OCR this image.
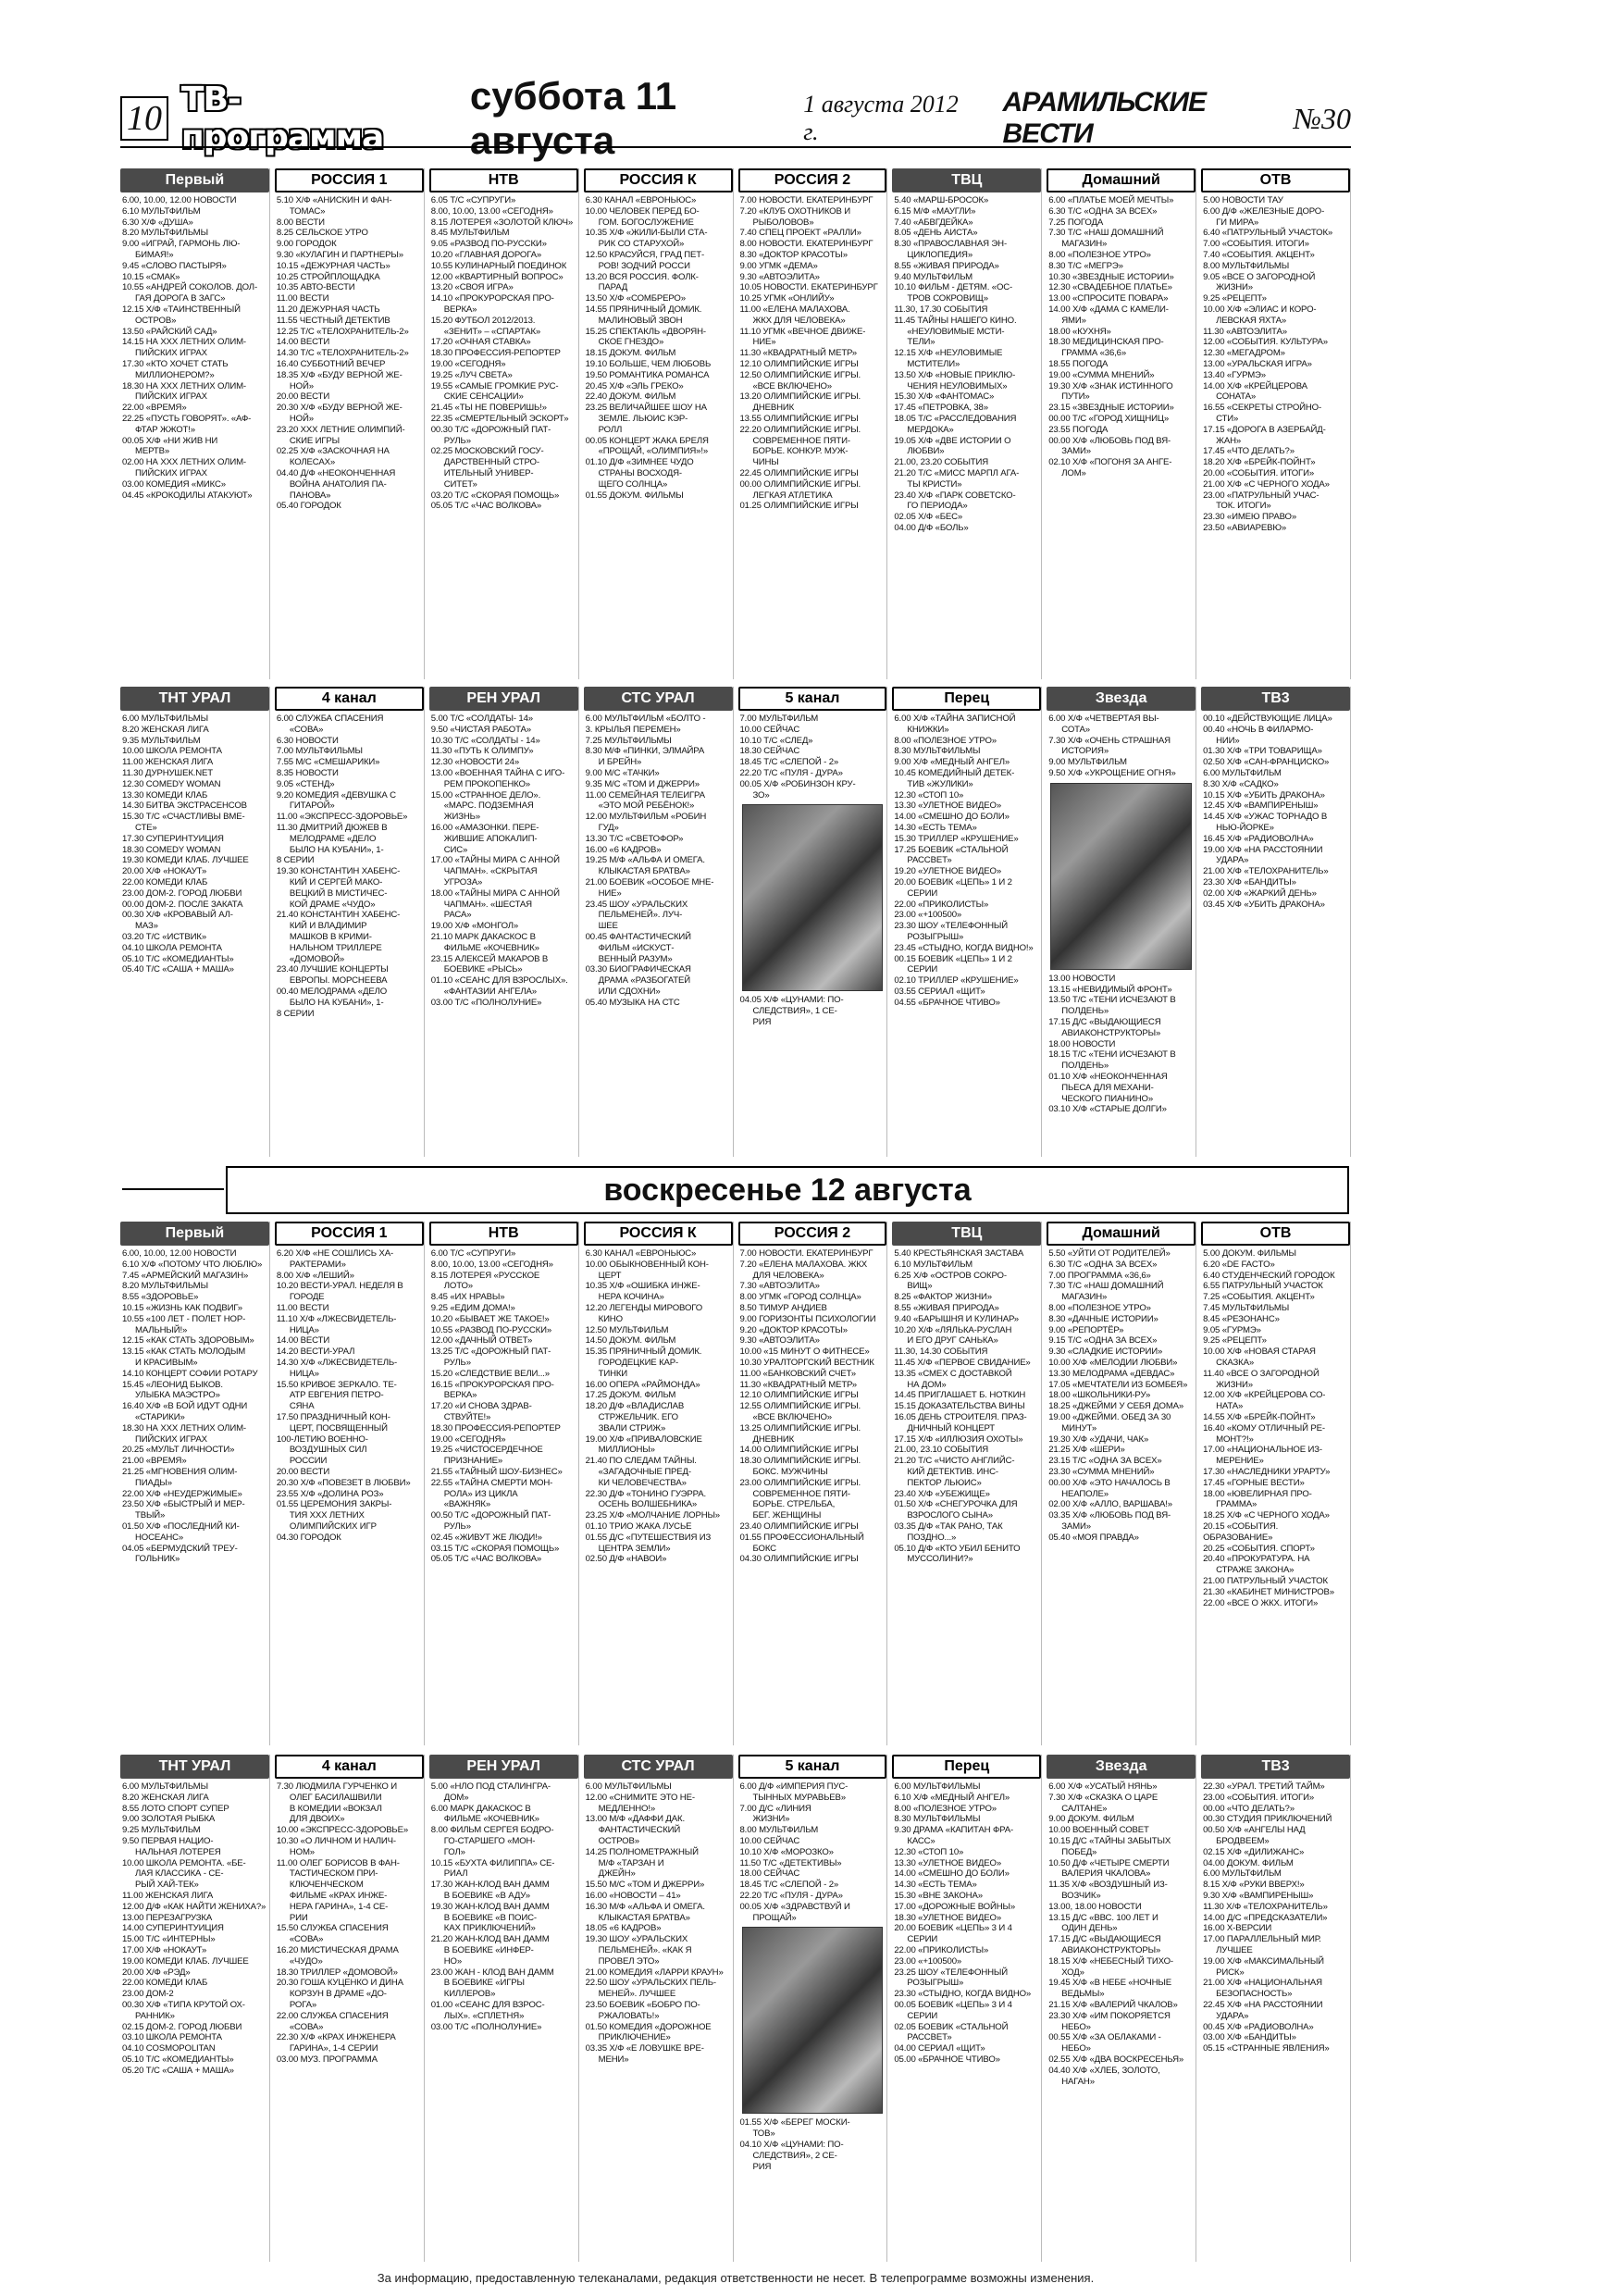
10 ТВ-программа
суббота 11 августа
1 августа 2012 г.
АРАМИЛЬСКИЕ ВЕСТИ	№30
Первый
6.00, 10.00, 12.00 НОВОСТИ
6.10 МУЛЬТФИЛЬМ
6.30 Х/Ф «ДУША»
8.20 МУЛЬТФИЛЬМЫ
9.00 «ИГРАЙ, ГАРМОНЬ ЛЮ-
БИМАЯ!»
9.45 «СЛОВО ПАСТЫРЯ»
10.15 «СМАК»
10.55 «АНДРЕЙ СОКОЛОВ. ДОЛ-
ГАЯ ДОРОГА В ЗАГС»
12.15 Х/Ф «ТАИНСТВЕННЫЙ
ОСТРОВ»
13.50 «РАЙСКИЙ САД»
14.15 НА XXX ЛЕТНИХ ОЛИМ-
ПИЙСКИХ ИГРАХ
17.30 «КТО ХОЧЕТ СТАТЬ
МИЛЛИОНЕРОМ?»
18.30 НА XXX ЛЕТНИХ ОЛИМ-
ПИЙСКИХ ИГРАХ
22.00 «ВРЕМЯ»
22.25 «ПУСТЬ ГОВОРЯТ». «АФ-
ФТАР ЖЖОТ!»
00.05 Х/Ф «НИ ЖИВ НИ
МЕРТВ»
02.00 НА XXX ЛЕТНИХ ОЛИМ-
ПИЙСКИХ ИГРАХ
03.00 КОМЕДИЯ «МИКС»
04.45 «КРОКОДИЛЫ АТАКУЮТ»
РОССИЯ 1
5.10 Х/Ф «АНИСКИН И ФАН-
ТОМАС»
8.00 ВЕСТИ
8.25 СЕЛЬСКОЕ УТРО
9.00 ГОРОДОК
9.30 «КУЛАГИН И ПАРТНЕРЫ»
10.15 «ДЕЖУРНАЯ ЧАСТЬ»
10.25 СТРОЙПЛОЩАДКА
10.35 АВТО-ВЕСТИ
11.00 ВЕСТИ
11.20 ДЕЖУРНАЯ ЧАСТЬ
11.55 ЧЕСТНЫЙ ДЕТЕКТИВ
12.25 Т/С «ТЕЛОХРАНИТЕЛЬ-2»
14.00 ВЕСТИ
14.30 Т/С «ТЕЛОХРАНИТЕЛЬ-2»
16.40 СУББОТНИЙ ВЕЧЕР
18.35 Х/Ф «БУДУ ВЕРНОЙ ЖЕ-
НОЙ»
20.00 ВЕСТИ
20.30 Х/Ф «БУДУ ВЕРНОЙ ЖЕ-
НОЙ»
23.20 XXX ЛЕТНИЕ ОЛИМПИЙ-
СКИЕ ИГРЫ
02.25 Х/Ф «ЗАСКОЧНАЯ НА
КОЛЕСАХ»
04.40 Д/Ф «НЕОКОНЧЕННАЯ
ВОЙНА АНАТОЛИЯ ПА-
ПАНОВА»
05.40 ГОРОДОК
НТВ
6.05 Т/С «СУПРУГИ»
8.00, 10.00, 13.00 «СЕГОДНЯ»
8.15 ЛОТЕРЕЯ «ЗОЛОТОЙ КЛЮЧ»
8.45 МУЛЬТФИЛЬМ
9.05 «РАЗВОД ПО-РУССКИ»
10.20 «ГЛАВНАЯ ДОРОГА»
10.55 КУЛИНАРНЫЙ ПОЕДИНОК
12.00 «КВАРТИРНЫЙ ВОПРОС»
13.20 «СВОЯ ИГРА»
14.10 «ПРОКУРОРСКАЯ ПРО-
ВЕРКА»
15.20 ФУТБОЛ 2012/2013.
«ЗЕНИТ» – «СПАРТАК»
17.20 «ОЧНАЯ СТАВКА»
18.30 ПРОФЕССИЯ-РЕПОРТЕР
19.00 «СЕГОДНЯ»
19.25 «ЛУЧ СВЕТА»
19.55 «САМЫЕ ГРОМКИЕ РУС-
СКИЕ СЕНСАЦИИ»
21.45 «ТЫ НЕ ПОВЕРИШЬ!»
22.35 «СМЕРТЕЛЬНЫЙ ЭСКОРТ»
00.30 Т/С «ДОРОЖНЫЙ ПАТ-
РУЛЬ»
02.25 МОСКОВСКИЙ ГОСУ-
ДАРСТВЕННЫЙ СТРО-
ИТЕЛЬНЫЙ УНИВЕР-
СИТЕТ»
03.20 Т/С «СКОРАЯ ПОМОЩЬ»
05.05 Т/С «ЧАС ВОЛКОВА»
РОССИЯ К
6.30 КАНАЛ «ЕВРОНЬЮС»
10.00 ЧЕЛОВЕК ПЕРЕД БО-
ГОМ. БОГОСЛУЖЕНИЕ
10.35 Х/Ф «ЖИЛИ-БЫЛИ СТА-
РИК СО СТАРУХОЙ»
12.50 КРАСУЙСЯ, ГРАД ПЕТ-
РОВ! ЗОДЧИЙ РОССИ
13.20 ВСЯ РОССИЯ. ФОЛК-
ПАРАД
13.50 Х/Ф «СОМБРЕРО»
14.55 ПРЯНИЧНЫЙ ДОМИК.
МАЛИНОВЫЙ ЗВОН
15.25 СПЕКТАКЛЬ «ДВОРЯН-
СКОЕ ГНЕЗДО»
18.15 ДОКУМ. ФИЛЬМ
19.10 БОЛЬШЕ, ЧЕМ ЛЮБОВЬ
19.50 РОМАНТИКА РОМАНСА
20.45 Х/Ф «ЭЛЬ ГРЕКО»
22.40 ДОКУМ. ФИЛЬМ
23.25 ВЕЛИЧАЙШЕЕ ШОУ НА
ЗЕМЛЕ. ЛЬЮИС КЭР-
РОЛЛ
00.05 КОНЦЕРТ ЖАКА БРЕЛЯ
«ПРОЩАЙ, «ОЛИМПИЯ»!»
01.10 Д/Ф «ЗИМНЕЕ ЧУДО
СТРАНЫ ВОСХОДЯ-
ЩЕГО СОЛНЦА»
01.55 ДОКУМ. ФИЛЬМЫ
РОССИЯ 2
7.00 НОВОСТИ. ЕКАТЕРИНБУРГ
7.20 «КЛУБ ОХОТНИКОВ И
РЫБОЛОВОВ»
7.40 СПЕЦ ПРОЕКТ «РАЛЛИ»
8.00 НОВОСТИ. ЕКАТЕРИНБУРГ
8.30 «ДОКТОР КРАСОТЫ»
9.00 УГМК «ДЕМА»
9.30 «АВТОЭЛИТА»
10.05 НОВОСТИ. ЕКАТЕРИНБУРГ
10.25 УГМК «ОНЛИЙУ»
11.00 «ЕЛЕНА МАЛАХОВА.
ЖКХ ДЛЯ ЧЕЛОВЕКА»
11.10 УГМК «ВЕЧНОЕ ДВИЖЕ-
НИЕ»
11.30 «КВАДРАТНЫЙ МЕТР»
12.10 ОЛИМПИЙСКИЕ ИГРЫ
12.50 ОЛИМПИЙСКИЕ ИГРЫ.
«ВСЕ ВКЛЮЧЕНО»
13.20 ОЛИМПИЙСКИЕ ИГРЫ.
ДНЕВНИК
13.55 ОЛИМПИЙСКИЕ ИГРЫ
22.20 ОЛИМПИЙСКИЕ ИГРЫ.
СОВРЕМЕННОЕ ПЯТИ-
БОРЬЕ. КОНКУР. МУЖ-
ЧИНЫ
22.45 ОЛИМПИЙСКИЕ ИГРЫ
00.00 ОЛИМПИЙСКИЕ ИГРЫ.
ЛЕГКАЯ АТЛЕТИКА
01.25 ОЛИМПИЙСКИЕ ИГРЫ
ТВЦ
5.40 «МАРШ-БРОСОК»
6.15 М/Ф «МАУГЛИ»
7.40 «АБВГДЕЙКА»
8.05 «ДЕНЬ АИСТА»
8.30 «ПРАВОСЛАВНАЯ ЭН-
ЦИКЛОПЕДИЯ»
8.55 «ЖИВАЯ ПРИРОДА»
9.40 МУЛЬТФИЛЬМ
10.10 ФИЛЬМ - ДЕТЯМ. «ОС-
ТРОВ СОКРОВИЩ»
11.30, 17.30 СОБЫТИЯ
11.45 ТАЙНЫ НАШЕГО КИНО.
«НЕУЛОВИМЫЕ МСТИ-
ТЕЛИ»
12.15 Х/Ф «НЕУЛОВИМЫЕ
МСТИТЕЛИ»
13.50 Х/Ф «НОВЫЕ ПРИКЛЮ-
ЧЕНИЯ НЕУЛОВИМЫХ»
15.30 Х/Ф «ФАНТОМАС»
17.45 «ПЕТРОВКА, 38»
18.05 Т/С «РАССЛЕДОВАНИЯ
МЕРДОКА»
19.05 Х/Ф «ДВЕ ИСТОРИИ О
ЛЮБВИ»
21.00, 23.20 СОБЫТИЯ
21.20 Т/С «МИСС МАРПЛ АГА-
ТЫ КРИСТИ»
23.40 Х/Ф «ПАРК СОВЕТСКО-
ГО ПЕРИОДА»
02.05 Х/Ф «БЕС»
04.00 Д/Ф «БОЛЬ»
Домашний
6.00 «ПЛАТЬЕ МОЕЙ МЕЧТЫ»
6.30 Т/С «ОДНА ЗА ВСЕХ»
7.25 ПОГОДА
7.30 Т/С «НАШ ДОМАШНИЙ
МАГАЗИН»
8.00 «ПОЛЕЗНОЕ УТРО»
8.30 Т/С «МЕГРЭ»
10.30 «ЗВЕЗДНЫЕ ИСТОРИИ»
12.30 «СВАДЕБНОЕ ПЛАТЬЕ»
13.00 «СПРОСИТЕ ПОВАРА»
14.00 Х/Ф «ДАМА С КАМЕЛИ-
ЯМИ»
18.00 «КУХНЯ»
18.30 МЕДИЦИНСКАЯ ПРО-
ГРАММА «36,6»
18.55 ПОГОДА
19.00 «СУММА МНЕНИЙ»
19.30 Х/Ф «ЗНАК ИСТИННОГО
ПУТИ»
23.15 «ЗВЕЗДНЫЕ ИСТОРИИ»
00.00 Т/С «ГОРОД ХИЩНИЦ»
23.55 ПОГОДА
00.00 Х/Ф «ЛЮБОВЬ ПОД ВЯ-
ЗАМИ»
02.10 Х/Ф «ПОГОНЯ ЗА АНГЕ-
ЛОМ»
ОТВ
5.00 НОВОСТИ ТАУ
6.00 Д/Ф «ЖЕЛЕЗНЫЕ ДОРО-
ГИ МИРА»
6.40 «ПАТРУЛЬНЫЙ УЧАСТОК»
7.00 «СОБЫТИЯ. ИТОГИ»
7.40 «СОБЫТИЯ. АКЦЕНТ»
8.00 МУЛЬТФИЛЬМЫ
9.05 «ВСЕ О ЗАГОРОДНОЙ
ЖИЗНИ»
9.25 «РЕЦЕПТ»
10.00 Х/Ф «ЭЛИАС И КОРО-
ЛЕВСКАЯ ЯХТА»
11.30 «АВТОЭЛИТА»
12.00 «СОБЫТИЯ. КУЛЬТУРА»
12.30 «МЕГАДРОМ»
13.00 «УРАЛЬСКАЯ ИГРА»
13.40 «ГУРМЭ»
14.00 Х/Ф «КРЕЙЦЕРОВА
СОНАТА»
16.55 «СЕКРЕТЫ СТРОЙНО-
СТИ»
17.15 «ДОРОГА В АЗЕРБАЙД-
ЖАН»
17.45 «ЧТО ДЕЛАТЬ?»
18.20 Х/Ф «БРЕЙК-ПОЙНТ»
20.00 «СОБЫТИЯ. ИТОГИ»
21.00 Х/Ф «С ЧЕРНОГО ХОДА»
23.00 «ПАТРУЛЬНЫЙ УЧАС-
ТОК. ИТОГИ»
23.30 «ИМЕЮ ПРАВО»
23.50 «АВИАРЕВЮ»
ТНТ УРАЛ
6.00 МУЛЬТФИЛЬМЫ
8.20 ЖЕНСКАЯ ЛИГА
9.35 МУЛЬТФИЛЬМ
10.00 ШКОЛА РЕМОНТА
11.00 ЖЕНСКАЯ ЛИГА
11.30 ДУРНУШЕК.NET
12.30 COMEDY WOMAN
13.30 КОМЕДИ КЛАБ
14.30 БИТВА ЭКСТРАСЕНСОВ
15.30 Т/С «СЧАСТЛИВЫ ВМЕ-
СТЕ»
17.30 СУПЕРИНТУИЦИЯ
18.30 COMEDY WOMAN
19.30 КОМЕДИ КЛАБ. ЛУЧШЕЕ
20.00 Х/Ф «НОКАУТ»
22.00 КОМЕДИ КЛАБ
23.00 ДОМ-2. ГОРОД ЛЮБВИ
00.00 ДОМ-2. ПОСЛЕ ЗАКАТА
00.30 Х/Ф «КРОВАВЫЙ АЛ-
МАЗ»
03.20 Т/С «ИСТВИК»
04.10 ШКОЛА РЕМОНТА
05.10 Т/С «КОМЕДИАНТЫ»
05.40 Т/С «САША + МАША»
4 канал
6.00 СЛУЖБА СПАСЕНИЯ
«СОВА»
6.30 НОВОСТИ
7.00 МУЛЬТФИЛЬМЫ
7.55 М/С «СМЕШАРИКИ»
8.35 НОВОСТИ
9.05 «СТЕНД»
9.20 КОМЕДИЯ «ДЕВУШКА С
ГИТАРОЙ»
11.00 «ЭКСПРЕСС-ЗДОРОВЬЕ»
11.30 ДМИТРИЙ ДЮЖЕВ В
МЕЛОДРАМЕ «ДЕЛО
БЫЛО НА КУБАНИ», 1-
8 СЕРИИ
19.30 КОНСТАНТИН ХАБЕНС-
КИЙ И СЕРГЕЙ МАКО-
ВЕЦКИЙ В МИСТИЧЕС-
КОЙ ДРАМЕ «ЧУДО»
21.40 КОНСТАНТИН ХАБЕНС-
КИЙ И ВЛАДИМИР
МАШКОВ В КРИМИ-
НАЛЬНОМ ТРИЛЛЕРЕ
«ДОМОВОЙ»
23.40 ЛУЧШИЕ КОНЦЕРТЫ
ЕВРОПЫ. МОРСНЕЕВА
00.40 МЕЛОДРАМА «ДЕЛО
БЫЛО НА КУБАНИ», 1-
8 СЕРИИ
РЕН УРАЛ
5.00 Т/С «СОЛДАТЫ- 14»
9.50 «ЧИСТАЯ РАБОТА»
10.30 Т/С «СОЛДАТЫ - 14»
11.30 «ПУТЬ К ОЛИМПУ»
12.30 «НОВОСТИ 24»
13.00 «ВОЕННАЯ ТАЙНА С ИГО-
РЕМ ПРОКОПЕНКО»
15.00 «СТРАННОЕ ДЕЛО».
«МАРС. ПОДЗЕМНАЯ
ЖИЗНЬ»
16.00 «АМАЗОНКИ. ПЕРЕ-
ЖИВШИЕ АПОКАЛИП-
СИС»
17.00 «ТАЙНЫ МИРА С АННОЙ
ЧАПМАН». «СКРЫТАЯ
УГРОЗА»
18.00 «ТАЙНЫ МИРА С АННОЙ
ЧАПМАН». «ШЕСТАЯ
РАСА»
19.00 Х/Ф «МОНГОЛ»
21.10 МАРК ДАКАСКОС В
ФИЛЬМЕ «КОЧЕВНИК»
23.15 АЛЕКСЕЙ МАКАРОВ В
БОЕВИКЕ «РЫСЬ»
01.10 «СЕАНС ДЛЯ ВЗРОСЛЫХ».
«ФАНТАЗИИ АНГЕЛА»
03.00 Т/С «ПОЛНОЛУНИЕ»
СТС УРАЛ
6.00 МУЛЬТФИЛЬМ «БОЛТО -
3. КРЫЛЬЯ ПЕРЕМЕН»
7.25 МУЛЬТФИЛЬМЫ
8.30 М/Ф «ПИНКИ, ЭЛМАЙРА
И БРЕЙН»
9.00 М/С «ТАЧКИ»
9.35 М/С «ТОМ И ДЖЕРРИ»
11.00 СЕМЕЙНАЯ ТЕЛЕИГРА
«ЭТО МОЙ РЕБЁНОК!»
12.00 МУЛЬТФИЛЬМ «РОБИН
ГУД»
13.30 Т/С «СВЕТОФОР»
16.00 «6 КАДРОВ»
19.25 М/Ф «АЛЬФА И ОМЕГА.
КЛЫКАСТАЯ БРАТВА»
21.00 БОЕВИК «ОСОБОЕ МНЕ-
НИЕ»
23.45 ШОУ «УРАЛЬСКИХ
ПЕЛЬМЕНЕЙ». ЛУЧ-
ШЕЕ
00.45 ФАНТАСТИЧЕСКИЙ
ФИЛЬМ «ИСКУСТ-
ВЕННЫЙ РАЗУМ»
03.30 БИОГРАФИЧЕСКАЯ
ДРАМА «РАЗБОГАТЕЙ
ИЛИ СДОХНИ»
05.40 МУЗЫКА НА СТС
5 канал
7.00 МУЛЬТФИЛЬМ
10.00 СЕЙЧАС
10.10 Т/С «СЛЕД»
18.30 СЕЙЧАС
18.45 Т/С «СЛЕПОЙ - 2»
22.20 Т/С «ПУЛЯ - ДУРА»
00.05 Х/Ф «РОБИНЗОН КРУ-
ЗО»
04.05 Х/Ф «ЦУНАМИ: ПО-
СЛЕДСТВИЯ», 1 СЕ-
РИЯ
Перец
6.00 Х/Ф «ТАЙНА ЗАПИСНОЙ
КНИЖКИ»
8.00 «ПОЛЕЗНОЕ УТРО»
8.30 МУЛЬТФИЛЬМЫ
9.00 Х/Ф «МЕДНЫЙ АНГЕЛ»
10.45 КОМЕДИЙНЫЙ ДЕТЕК-
ТИВ «ЖУЛИКИ»
12.30 «СТОП 10»
13.30 «УЛЕТНОЕ ВИДЕО»
14.00 «СМЕШНО ДО БОЛИ»
14.30 «ЕСТЬ ТЕМА»
15.30 ТРИЛЛЕР «КРУШЕНИЕ»
17.25 БОЕВИК «СТАЛЬНОЙ
РАССВЕТ»
19.20 «УЛЕТНОЕ ВИДЕО»
20.00 БОЕВИК «ЦЕПЬ» 1 И 2
СЕРИИ
22.00 «ПРИКОЛИСТЫ»
23.00 «+100500»
23.30 ШОУ «ТЕЛЕФОННЫЙ
РОЗЫГРЫШ»
23.45 «СТЫДНО, КОГДА ВИДНО!»
00.15 БОЕВИК «ЦЕПЬ» 1 И 2
СЕРИИ
02.10 ТРИЛЛЕР «КРУШЕНИЕ»
03.55 СЕРИАЛ «ЩИТ»
04.55 «БРАЧНОЕ ЧТИВО»
Звезда
6.00 Х/Ф «ЧЕТВЕРТАЯ ВЫ-
СОТА»
7.30 Х/Ф «ОЧЕНЬ СТРАШНАЯ
ИСТОРИЯ»
9.00 МУЛЬТФИЛЬМ
9.50 Х/Ф «УКРОЩЕНИЕ ОГНЯ»
13.00 НОВОСТИ
13.15 «НЕВИДИМЫЙ ФРОНТ»
13.50 Т/С «ТЕНИ ИСЧЕЗАЮТ В
ПОЛДЕНЬ»
17.15 Д/С «ВЫДАЮЩИЕСЯ
АВИАКОНСТРУКТОРЫ»
18.00 НОВОСТИ
18.15 Т/С «ТЕНИ ИСЧЕЗАЮТ В
ПОЛДЕНЬ»
01.10 Х/Ф «НЕОКОНЧЕННАЯ
ПЬЕСА ДЛЯ МЕХАНИ-
ЧЕСКОГО ПИАНИНО»
03.10 Х/Ф «СТАРЫЕ ДОЛГИ»
ТВ3
00.10 «ДЕЙСТВУЮЩИЕ ЛИЦА»
00.40 «НОЧЬ В ФИЛАРМО-
НИИ»
01.30 Х/Ф «ТРИ ТОВАРИЩА»
02.50 Х/Ф «САН-ФРАНЦИСКО»
6.00 МУЛЬТФИЛЬМ
8.30 Х/Ф «САДКО»
10.15 Х/Ф «УБИТЬ ДРАКОНА»
12.45 Х/Ф «ВАМПИРЕНЫШ»
14.45 Х/Ф «УЖАС ТОРНАДО В
НЬЮ-ЙОРКЕ»
16.45 Х/Ф «РАДИОВОЛНА»
19.00 Х/Ф «НА РАССТОЯНИИ
УДАРА»
21.00 Х/Ф «ТЕЛОХРАНИТЕЛЬ»
23.30 Х/Ф «БАНДИТЫ»
02.00 Х/Ф «ЖАРКИЙ ДЕНЬ»
03.45 Х/Ф «УБИТЬ ДРАКОНА»
воскресенье 12 августа
Первый
6.00, 10.00, 12.00 НОВОСТИ
6.10 Х/Ф «ПОТОМУ ЧТО ЛЮБЛЮ»
7.45 «АРМЕЙСКИЙ МАГАЗИН»
8.20 МУЛЬТФИЛЬМЫ
8.55 «ЗДОРОВЬЕ»
10.15 «ЖИЗНЬ КАК ПОДВИГ»
10.55 «100 ЛЕТ - ПОЛЕТ НОР-
МАЛЬНЫЙ!»
12.15 «КАК СТАТЬ ЗДОРОВЫМ»
13.15 «КАК СТАТЬ МОЛОДЫМ
И КРАСИВЫМ»
14.10 КОНЦЕРТ СОФИИ РОТАРУ
15.45 «ЛЕОНИД БЫКОВ.
УЛЫБКА МАЭСТРО»
16.40 Х/Ф «В БОЙ ИДУТ ОДНИ
«СТАРИКИ»
18.30 НА XXX ЛЕТНИХ ОЛИМ-
ПИЙСКИХ ИГРАХ
20.25 «МУЛЬТ ЛИЧНОСТИ»
21.00 «ВРЕМЯ»
21.25 «МГНОВЕНИЯ ОЛИМ-
ПИАДЫ»
22.00 Х/Ф «НЕУДЕРЖИМЫЕ»
23.50 Х/Ф «БЫСТРЫЙ И МЕР-
ТВЫЙ»
01.50 Х/Ф «ПОСЛЕДНИЙ КИ-
НОСЕАНС»
04.05 «БЕРМУДСКИЙ ТРЕУ-
ГОЛЬНИК»
РОССИЯ 1
6.20 Х/Ф «НЕ СОШЛИСЬ ХА-
РАКТЕРАМИ»
8.00 Х/Ф «ЛЕШИЙ»
10.20 ВЕСТИ-УРАЛ. НЕДЕЛЯ В
ГОРОДЕ
11.00 ВЕСТИ
11.10 Х/Ф «ЛЖЕСВИДЕТЕЛЬ-
НИЦА»
14.00 ВЕСТИ
14.20 ВЕСТИ-УРАЛ
14.30 Х/Ф «ЛЖЕСВИДЕТЕЛЬ-
НИЦА»
15.50 КРИВОЕ ЗЕРКАЛО. ТЕ-
АТР ЕВГЕНИЯ ПЕТРО-
СЯНА
17.50 ПРАЗДНИЧНЫЙ КОН-
ЦЕРТ, ПОСВЯЩЕННЫЙ
100-ЛЕТИЮ ВОЕННО-
ВОЗДУШНЫХ СИЛ
РОССИИ
20.00 ВЕСТИ
20.30 Х/Ф «ПОВЕЗЕТ В ЛЮБВИ»
23.55 Х/Ф «ДОЛИНА РОЗ»
01.55 ЦЕРЕМОНИЯ ЗАКРЫ-
ТИЯ XXX ЛЕТНИХ
ОЛИМПИЙСКИХ ИГР
04.30 ГОРОДОК
НТВ
6.00 Т/С «СУПРУГИ»
8.00, 10.00, 13.00 «СЕГОДНЯ»
8.15 ЛОТЕРЕЯ «РУССКОЕ
ЛОТО»
8.45 «ИХ НРАВЫ»
9.25 «ЕДИМ ДОМА!»
10.20 «БЫВАЕТ ЖЕ ТАКОЕ!»
10.55 «РАЗВОД ПО-РУССКИ»
12.00 «ДАЧНЫЙ ОТВЕТ»
13.25 Т/С «ДОРОЖНЫЙ ПАТ-
РУЛЬ»
15.20 «СЛЕДСТВИЕ ВЕЛИ...»
16.15 «ПРОКУРОРСКАЯ ПРО-
ВЕРКА»
17.20 «И СНОВА ЗДРАВ-
СТВУЙТЕ!»
18.30 ПРОФЕССИЯ-РЕПОРТЕР
19.00 «СЕГОДНЯ»
19.25 «ЧИСТОСЕРДЕЧНОЕ
ПРИЗНАНИЕ»
21.55 «ТАЙНЫЙ ШОУ-БИЗНЕС»
22.55 «ТАЙНА СМЕРТИ МОН-
РОЛА» ИЗ ЦИКЛА
«ВАЖНЯК»
00.50 Т/С «ДОРОЖНЫЙ ПАТ-
РУЛЬ»
02.45 «ЖИВУТ ЖЕ ЛЮДИ!»
03.15 Т/С «СКОРАЯ ПОМОЩЬ»
05.05 Т/С «ЧАС ВОЛКОВА»
РОССИЯ К
6.30 КАНАЛ «ЕВРОНЬЮС»
10.00 ОБЫКНОВЕННЫЙ КОН-
ЦЕРТ
10.35 Х/Ф «ОШИБКА ИНЖЕ-
НЕРА КОЧИНА»
12.20 ЛЕГЕНДЫ МИРОВОГО
КИНО
12.50 МУЛЬТФИЛЬМ
14.50 ДОКУМ. ФИЛЬМ
15.35 ПРЯНИЧНЫЙ ДОМИК.
ГОРОДЕЦКИЕ КАР-
ТИНКИ
16.00 ОПЕРА «РАЙМОНДА»
17.25 ДОКУМ. ФИЛЬМ
18.20 Д/Ф «ВЛАДИСЛАВ
СТРЖЕЛЬЧИК. ЕГО
ЗВАЛИ СТРИЖ»
19.00 Х/Ф «ПРИВАЛОВСКИЕ
МИЛЛИОНЫ»
21.40 ПО СЛЕДАМ ТАЙНЫ.
«ЗАГАДОЧНЫЕ ПРЕД-
КИ ЧЕЛОВЕЧЕСТВА»
22.30 Д/Ф «ТОНИНО ГУЭРРА.
ОСЕНЬ ВОЛШЕБНИКА»
23.25 Х/Ф «МОЛЧАНИЕ ЛОРНЫ»
01.10 ТРИО ЖАКА ЛУСЬЕ
01.55 Д/С «ПУТЕШЕСТВИЯ ИЗ
ЦЕНТРА ЗЕМЛИ»
02.50 Д/Ф «НАВОИ»
РОССИЯ 2
7.00 НОВОСТИ. ЕКАТЕРИНБУРГ
7.20 «ЕЛЕНА МАЛАХОВА. ЖКХ
ДЛЯ ЧЕЛОВЕКА»
7.30 «АВТОЭЛИТА»
8.00 УГМК «ГОРОД СОЛНЦА»
8.50 ТИМУР АНДИЕВ
9.00 ГОРИЗОНТЫ ПСИХОЛОГИИ
9.20 «ДОКТОР КРАСОТЫ»
9.30 «АВТОЭЛИТА»
10.00 «15 МИНУТ О ФИТНЕСЕ»
10.30 УРАЛТОРГСКИЙ ВЕСТНИК
11.00 «БАНКОВСКИЙ СЧЕТ»
11.30 «КВАДРАТНЫЙ МЕТР»
12.10 ОЛИМПИЙСКИЕ ИГРЫ
12.55 ОЛИМПИЙСКИЕ ИГРЫ.
«ВСЕ ВКЛЮЧЕНО»
13.25 ОЛИМПИЙСКИЕ ИГРЫ.
ДНЕВНИК
14.00 ОЛИМПИЙСКИЕ ИГРЫ
18.30 ОЛИМПИЙСКИЕ ИГРЫ.
БОКС. МУЖЧИНЫ
23.00 ОЛИМПИЙСКИЕ ИГРЫ.
СОВРЕМЕННОЕ ПЯТИ-
БОРЬЕ. СТРЕЛЬБА,
БЕГ. ЖЕНЩИНЫ
23.40 ОЛИМПИЙСКИЕ ИГРЫ
01.55 ПРОФЕССИОНАЛЬНЫЙ
БОКС
04.30 ОЛИМПИЙСКИЕ ИГРЫ
ТВЦ
5.40 КРЕСТЬЯНСКАЯ ЗАСТАВА
6.10 МУЛЬТФИЛЬМ
6.25 Х/Ф «ОСТРОВ СОКРО-
ВИЩ»
8.25 «ФАКТОР ЖИЗНИ»
8.55 «ЖИВАЯ ПРИРОДА»
9.40 «БАРЫШНЯ И КУЛИНАР»
10.20 Х/Ф «ЛЯЛЬКА-РУСЛАН
И ЕГО ДРУГ САНЬКА»
11.30, 14.30 СОБЫТИЯ
11.45 Х/Ф «ПЕРВОЕ СВИДАНИЕ»
13.35 «СМЕХ С ДОСТАВКОЙ
НА ДОМ»
14.45 ПРИГЛАШАЕТ Б. НОТКИН
15.15 ДОКАЗАТЕЛЬСТВА ВИНЫ
16.05 ДЕНЬ СТРОИТЕЛЯ. ПРАЗ-
ДНИЧНЫЙ КОНЦЕРТ
17.15 Х/Ф «ИЛЛЮЗИЯ ОХОТЫ»
21.00, 23.10 СОБЫТИЯ
21.20 Т/С «ЧИСТО АНГЛИЙС-
КИЙ ДЕТЕКТИВ. ИНС-
ПЕКТОР ЛЬЮИС»
23.40 Х/Ф «УБЕЖИЩЕ»
01.50 Х/Ф «СНЕГУРОЧКА ДЛЯ
ВЗРОСЛОГО СЫНА»
03.35 Д/Ф «ТАК РАНО, ТАК
ПОЗДНО...»
05.10 Д/Ф «КТО УБИЛ БЕНИТО
МУССОЛИНИ?»
Домашний
5.50 «УЙТИ ОТ РОДИТЕЛЕЙ»
6.30 Т/С «ОДНА ЗА ВСЕХ»
7.00 ПРОГРАММА «36,6»
7.30 Т/С «НАШ ДОМАШНИЙ
МАГАЗИН»
8.00 «ПОЛЕЗНОЕ УТРО»
8.30 «ДАЧНЫЕ ИСТОРИИ»
9.00 «РЕПОРТЁР»
9.15 Т/С «ОДНА ЗА ВСЕХ»
9.30 «СЛАДКИЕ ИСТОРИИ»
10.00 Х/Ф «МЕЛОДИИ ЛЮБВИ»
13.30 МЕЛОДРАМА «ДЕВДАС»
17.05 «МЕЧТАТЕЛИ ИЗ БОМБЕЯ»
18.00 «ШКОЛЬНИКИ-РУ»
18.25 «ДЖЕЙМИ У СЕБЯ ДОМА»
19.00 «ДЖЕЙМИ. ОБЕД ЗА 30
МИНУТ»
19.30 Х/Ф «УДАЧИ, ЧАК»
21.25 Х/Ф «ШЕРИ»
23.15 Т/С «ОДНА ЗА ВСЕХ»
23.30 «СУММА МНЕНИЙ»
00.00 Х/Ф «ЭТО НАЧАЛОСЬ В
НЕАПОЛЕ»
02.00 Х/Ф «АЛЛО, ВАРШАВА!»
03.35 Х/Ф «ЛЮБОВЬ ПОД ВЯ-
ЗАМИ»
05.40 «МОЯ ПРАВДА»
ОТВ
5.00 ДОКУМ. ФИЛЬМЫ
6.20 «DE FACTO»
6.40 СТУДЕНЧЕСКИЙ ГОРОДОК
6.55 ПАТРУЛЬНЫЙ УЧАСТОК
7.25 «СОБЫТИЯ. АКЦЕНТ»
7.45 МУЛЬТФИЛЬМЫ
8.45 «РЕЗОНАНС»
9.05 «ГУРМЭ»
9.25 «РЕЦЕПТ»
10.00 Х/Ф «НОВАЯ СТАРАЯ
СКАЗКА»
11.40 «ВСЕ О ЗАГОРОДНОЙ
ЖИЗНИ»
12.00 Х/Ф «КРЕЙЦЕРОВА СО-
НАТА»
14.55 Х/Ф «БРЕЙК-ПОЙНТ»
16.40 «КОМУ ОТЛИЧНЫЙ РЕ-
МОНТ?!»
17.00 «НАЦИОНАЛЬНОЕ ИЗ-
МЕРЕНИЕ»
17.30 «НАСЛЕДНИКИ УРАРТУ»
17.45 «ГОРНЫЕ ВЕСТИ»
18.00 «ЮВЕЛИРНАЯ ПРО-
ГРАММА»
18.25 Х/Ф «С ЧЕРНОГО ХОДА»
20.15 «СОБЫТИЯ. ОБРАЗОВАНИЕ»
20.25 «СОБЫТИЯ. СПОРТ»
20.40 «ПРОКУРАТУРА. НА
СТРАЖЕ ЗАКОНА»
21.00 ПАТРУЛЬНЫЙ УЧАСТОК
21.30 «КАБИНЕТ МИНИСТРОВ»
22.00 «ВСЕ О ЖКХ. ИТОГИ»
ТНТ УРАЛ
6.00 МУЛЬТФИЛЬМЫ
8.20 ЖЕНСКАЯ ЛИГА
8.55 ЛОТО СПОРТ СУПЕР
9.00 ЗОЛОТАЯ РЫБКА
9.25 МУЛЬТФИЛЬМ
9.50 ПЕРВАЯ НАЦИО-
НАЛЬНАЯ ЛОТЕРЕЯ
10.00 ШКОЛА РЕМОНТА. «БЕ-
ЛАЯ КЛАССИКА - СЕ-
РЫЙ ХАЙ-ТЕК»
11.00 ЖЕНСКАЯ ЛИГА
12.00 Д/Ф «КАК НАЙТИ ЖЕНИХА?»
13.00 ПЕРЕЗАГРУЗКА
14.00 СУПЕРИНТУИЦИЯ
15.00 Т/С «ИНТЕРНЫ»
17.00 Х/Ф «НОКАУТ»
19.00 КОМЕДИ КЛАБ. ЛУЧШЕЕ
20.00 Х/Ф «РЭД»
22.00 КОМЕДИ КЛАБ
23.00 ДОМ-2
00.30 Х/Ф «ТИПА КРУТОЙ ОХ-
РАННИК»
02.15 ДОМ-2. ГОРОД ЛЮБВИ
03.10 ШКОЛА РЕМОНТА
04.10 COSMOPOLITAN
05.10 Т/С «КОМЕДИАНТЫ»
05.20 Т/С «САША + МАША»
4 канал
7.30 ЛЮДМИЛА ГУРЧЕНКО И
ОЛЕГ БАСИЛАШВИЛИ
В КОМЕДИИ «ВОКЗАЛ
ДЛЯ ДВОИХ»
10.00 «ЭКСПРЕСС-ЗДОРОВЬЕ»
10.30 «О ЛИЧНОМ И НАЛИЧ-
НОМ»
11.00 ОЛЕГ БОРИСОВ В ФАН-
ТАСТИЧЕСКОМ ПРИ-
КЛЮЧЕНЧЕСКОМ
ФИЛЬМЕ «КРАХ ИНЖЕ-
НЕРА ГАРИНА», 1-4 СЕ-
РИИ
15.50 СЛУЖБА СПАСЕНИЯ
«СОВА»
16.20 МИСТИЧЕСКАЯ ДРАМА
«ЧУДО»
18.30 ТРИЛЛЕР «ДОМОВОЙ»
20.30 ГОША КУЦЕНКО И ДИНА
КОРЗУН В ДРАМЕ «ДО-
РОГА»
22.00 СЛУЖБА СПАСЕНИЯ
«СОВА»
22.30 Х/Ф «КРАХ ИНЖЕНЕРА
ГАРИНА», 1-4 СЕРИИ
03.00 МУЗ. ПРОГРАММА
РЕН УРАЛ
5.00 «НЛО ПОД СТАЛИНГРА-
ДОМ»
6.00 МАРК ДАКАСКОС В
ФИЛЬМЕ «КОЧЕВНИК»
8.00 ФИЛЬМ СЕРГЕЯ БОДРО-
ГО-СТАРШЕГО «МОН-
ГОЛ»
10.15 «БУХТА ФИЛИППА» СЕ-
РИАЛ
17.30 ЖАН-КЛОД ВАН ДАММ
В БОЕВИКЕ «В АДУ»
19.30 ЖАН-КЛОД ВАН ДАММ
В БОЕВИКЕ «В ПОИС-
КАХ ПРИКЛЮЧЕНИЙ»
21.20 ЖАН-КЛОД ВАН ДАММ
В БОЕВИКЕ «ИНФЕР-
НО»
23.00 ЖАН - КЛОД ВАН ДАММ
В БОЕВИКЕ «ИГРЫ
КИЛЛЕРОВ»
01.00 «СЕАНС ДЛЯ ВЗРОС-
ЛЫХ». «СПЛЕТНЯ»
03.00 Т/С «ПОЛНОЛУНИЕ»
СТС УРАЛ
6.00 МУЛЬТФИЛЬМЫ
12.00 «СНИМИТЕ ЭТО НЕ-
МЕДЛЕННО!»
13.00 М/Ф «ДАФФИ ДАК.
ФАНТАСТИЧЕСКИЙ
ОСТРОВ»
14.25 ПОЛНОМЕТРАЖНЫЙ
М/Ф «ТАРЗАН И
ДЖЕЙН»
15.50 М/С «ТОМ И ДЖЕРРИ»
16.00 «НОВОСТИ – 41»
16.30 М/Ф «АЛЬФА И ОМЕГА.
КЛЫКАСТАЯ БРАТВА»
18.05 «6 КАДРОВ»
19.30 ШОУ «УРАЛЬСКИХ
ПЕЛЬМЕНЕЙ». «КАК Я
ПРОВЕЛ ЭТО»
21.00 КОМЕДИЯ «ЛАРРИ КРАУН»
22.50 ШОУ «УРАЛЬСКИХ ПЕЛЬ-
МЕНЕЙ». ЛУЧШЕЕ
23.50 БОЕВИК «БОБРО ПО-
РЖАЛОВАТЬ!»
01.50 КОМЕДИЯ «ДОРОЖНОЕ
ПРИКЛЮЧЕНИЕ»
03.35 Х/Ф «Е ЛОВУШКЕ ВРЕ-
МЕНИ»
5 канал
6.00 Д/Ф «ИМПЕРИЯ ПУС-
ТЫННЫХ МУРАВЬЕВ»
7.00 Д/С «ЛИНИЯ
ЖИЗНИ»
8.00 МУЛЬТФИЛЬМ
10.00 СЕЙЧАС
10.10 Х/Ф «МОРОЗКО»
11.50 Т/С «ДЕТЕКТИВЫ»
18.00 СЕЙЧАС
18.45 Т/С «СЛЕПОЙ - 2»
22.20 Т/С «ПУЛЯ - ДУРА»
00.05 Х/Ф «ЗДРАВСТВУЙ И
ПРОЩАЙ»
01.55 Х/Ф «БЕРЕГ МОСКИ-
ТОВ»
04.10 Х/Ф «ЦУНАМИ: ПО-
СЛЕДСТВИЯ», 2 СЕ-
РИЯ
Перец
6.00 МУЛЬТФИЛЬМЫ
6.10 Х/Ф «МЕДНЫЙ АНГЕЛ»
8.00 «ПОЛЕЗНОЕ УТРО»
8.30 МУЛЬТФИЛЬМЫ
9.30 ДРАМА «КАПИТАН ФРА-
КАСС»
12.30 «СТОП 10»
13.30 «УЛЕТНОЕ ВИДЕО»
14.00 «СМЕШНО ДО БОЛИ»
14.30 «ЕСТЬ ТЕМА»
15.30 «ВНЕ ЗАКОНА»
17.00 «ДОРОЖНЫЕ ВОЙНЫ»
18.30 «УЛЕТНОЕ ВИДЕО»
20.00 БОЕВИК «ЦЕПЬ» 3 И 4
СЕРИИ
22.00 «ПРИКОЛИСТЫ»
23.00 «+100500»
23.25 ШОУ «ТЕЛЕФОННЫЙ
РОЗЫГРЫШ»
23.30 «СТЫДНО, КОГДА ВИДНО»
00.05 БОЕВИК «ЦЕПЬ» 3 И 4
СЕРИИ
02.05 БОЕВИК «СТАЛЬНОЙ
РАССВЕТ»
04.00 СЕРИАЛ «ЩИТ»
05.00 «БРАЧНОЕ ЧТИВО»
Звезда
6.00 Х/Ф «УСАТЫЙ НЯНЬ»
7.30 Х/Ф «СКАЗКА О ЦАРЕ
САЛТАНЕ»
9.00 ДОКУМ. ФИЛЬМ
10.00 ВОЕННЫЙ СОВЕТ
10.15 Д/С «ТАЙНЫ ЗАБЫТЫХ
ПОБЕД»
10.50 Д/Ф «ЧЕТЫРЕ СМЕРТИ
ВАЛЕРИЯ ЧКАЛОВА»
11.35 Х/Ф «ВОЗДУШНЫЙ ИЗ-
ВОЗЧИК»
13.00, 18.00 НОВОСТИ
13.15 Д/С «ВВС. 100 ЛЕТ И
ОДИН ДЕНЬ»
17.15 Д/С «ВЫДАЮЩИЕСЯ
АВИАКОНСТРУКТОРЫ»
18.15 Х/Ф «НЕБЕСНЫЙ ТИХО-
ХОД»
19.45 Х/Ф «В НЕБЕ «НОЧНЫЕ
ВЕДЬМЫ»
21.15 Х/Ф «ВАЛЕРИЙ ЧКАЛОВ»
23.30 Х/Ф «ИМ ПОКОРЯЕТСЯ
НЕБО»
00.55 Х/Ф «ЗА ОБЛАКАМИ -
НЕБО»
02.55 Х/Ф «ДВА ВОСКРЕСЕНЬЯ»
04.40 Х/Ф «ХЛЕБ, ЗОЛОТО,
НАГАН»
ТВ3
22.30 «УРАЛ. ТРЕТИЙ ТАЙМ»
23.00 «СОБЫТИЯ. ИТОГИ»
00.00 «ЧТО ДЕЛАТЬ?»
00.30 СТУДИЯ ПРИКЛЮЧЕНИЙ
00.50 Х/Ф «АНГЕЛЫ НАД
БРОДВЕЕМ»
02.15 Х/Ф «ДИЛИЖАНС»
04.00 ДОКУМ. ФИЛЬМ
6.00 МУЛЬТФИЛЬМ
8.15 Х/Ф «РУКИ ВВЕРХ!»
9.30 Х/Ф «ВАМПИРЕНЫШ»
11.30 Х/Ф «ТЕЛОХРАНИТЕЛЬ»
14.00 Д/С «ПРЕДСКАЗАТЕЛИ»
16.00 Х-ВЕРСИИ
17.00 ПАРАЛЛЕЛЬНЫЙ МИР.
ЛУЧШЕЕ
19.00 Х/Ф «МАКСИМАЛЬНЫЙ
РИСК»
21.00 Х/Ф «НАЦИОНАЛЬНАЯ
БЕЗОПАСНОСТЬ»
22.45 Х/Ф «НА РАССТОЯНИИ
УДАРА»
00.45 Х/Ф «РАДИОВОЛНА»
03.00 Х/Ф «БАНДИТЫ»
05.15 «СТРАННЫЕ ЯВЛЕНИЯ»
За информацию, предоставленную телеканалами, редакция ответственности не несет. В телепрограмме возможны изменения.
